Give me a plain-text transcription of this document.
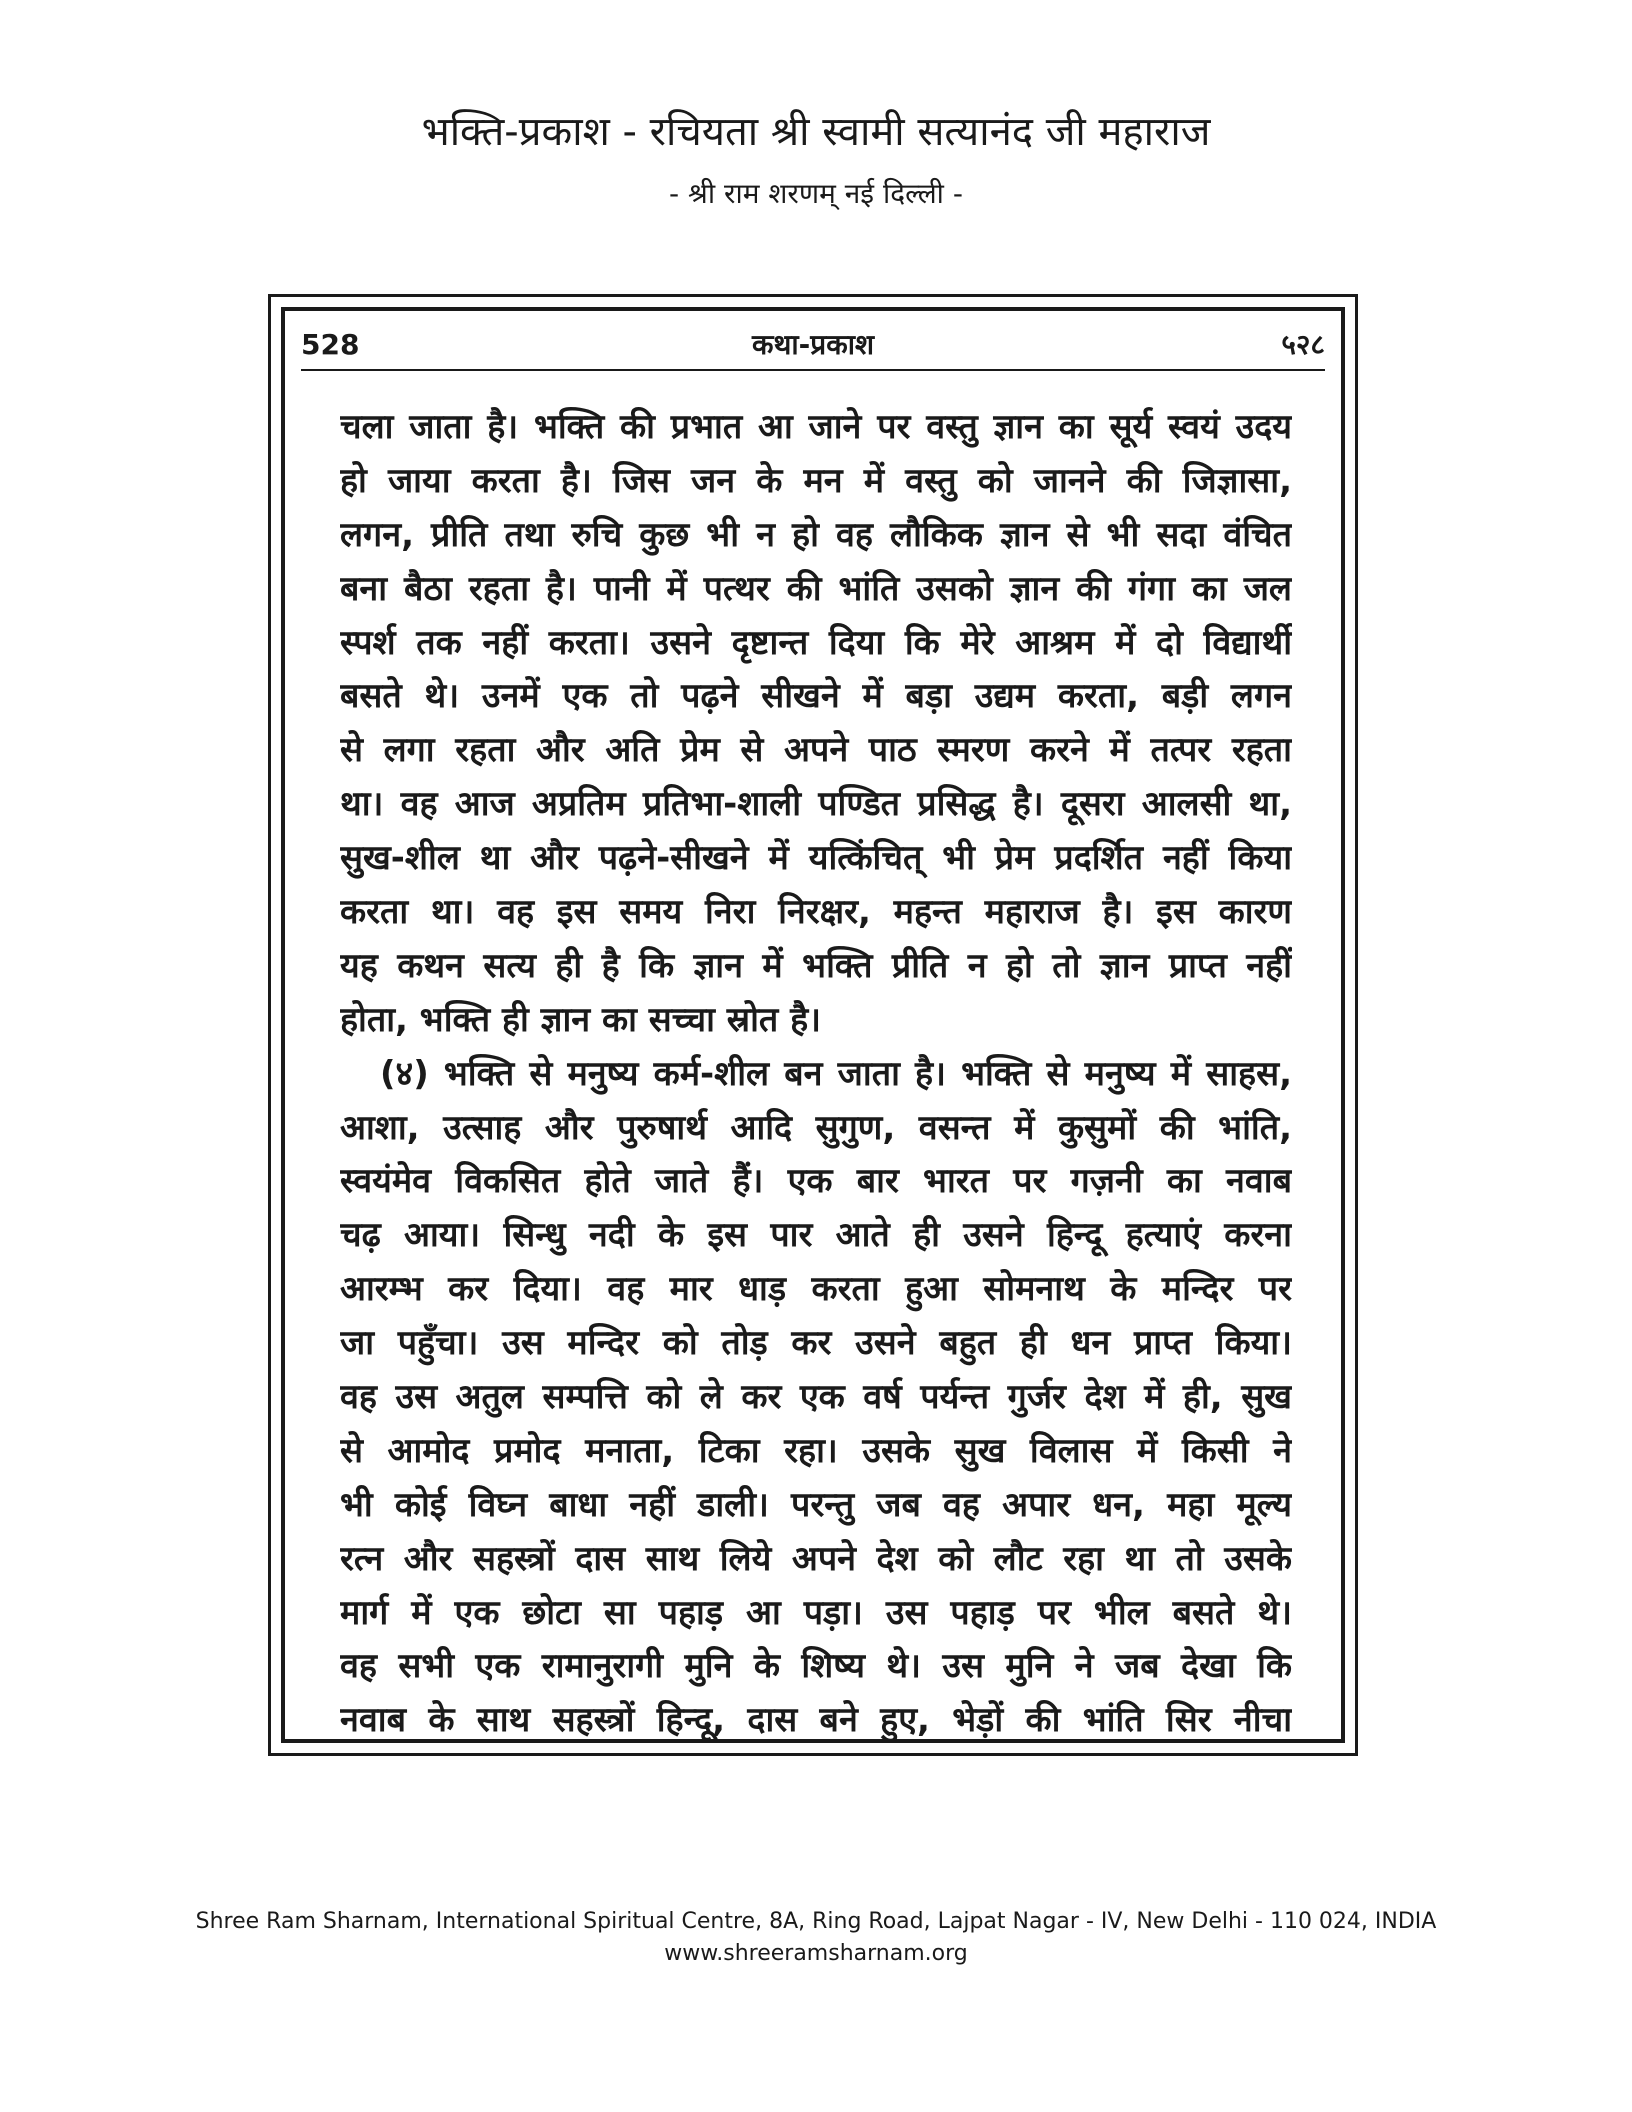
भक्ति-प्रकाश - रचियता श्री स्वामी सत्यानंद जी महाराज
- श्री राम शरणम् नई दिल्ली -
528	कथा-प्रकाश	५२८
चला जाता है। भक्ति की प्रभात आ जाने पर वस्तु ज्ञान का सूर्य स्वयं उदय
हो जाया करता है। जिस जन के मन में वस्तु को जानने की जिज्ञासा,
लगन, प्रीति तथा रुचि कुछ भी न हो वह लौकिक ज्ञान से भी सदा वंचित
बना बैठा रहता है। पानी में पत्थर की भांति उसको ज्ञान की गंगा का जल
स्पर्श तक नहीं करता। उसने दृष्टान्त दिया कि मेरे आश्रम में दो विद्यार्थी
बसते थे। उनमें एक तो पढ़ने सीखने में बड़ा उद्यम करता, बड़ी लगन
से लगा रहता और अति प्रेम से अपने पाठ स्मरण करने में तत्पर रहता
था। वह आज अप्रतिम प्रतिभा-शाली पण्डित प्रसिद्ध है। दूसरा आलसी था,
सुख-शील था और पढ़ने-सीखने में यत्किंचित् भी प्रेम प्रदर्शित नहीं किया
करता था। वह इस समय निरा निरक्षर, महन्त महाराज है। इस कारण
यह कथन सत्य ही है कि ज्ञान में भक्ति प्रीति न हो तो ज्ञान प्राप्त नहीं
होता, भक्ति ही ज्ञान का सच्चा स्रोत है।
(४) भक्ति से मनुष्य कर्म-शील बन जाता है। भक्ति से मनुष्य में साहस,
आशा, उत्साह और पुरुषार्थ आदि सुगुण, वसन्त में कुसुमों की भांति,
स्वयंमेव विकसित होते जाते हैं। एक बार भारत पर गज़नी का नवाब
चढ़ आया। सिन्धु नदी के इस पार आते ही उसने हिन्दू हत्याएं करना
आरम्भ कर दिया। वह मार धाड़ करता हुआ सोमनाथ के मन्दिर पर
जा पहुँचा। उस मन्दिर को तोड़ कर उसने बहुत ही धन प्राप्त किया।
वह उस अतुल सम्पत्ति को ले कर एक वर्ष पर्यन्त गुर्जर देश में ही, सुख
से आमोद प्रमोद मनाता, टिका रहा। उसके सुख विलास में किसी ने
भी कोई विघ्न बाधा नहीं डाली। परन्तु जब वह अपार धन, महा मूल्य
रत्न और सहस्त्रों दास साथ लिये अपने देश को लौट रहा था तो उसके
मार्ग में एक छोटा सा पहाड़ आ पड़ा। उस पहाड़ पर भील बसते थे।
वह सभी एक रामानुरागी मुनि के शिष्य थे। उस मुनि ने जब देखा कि
नवाब के साथ सहस्त्रों हिन्दू, दास बने हुए, भेड़ों की भांति सिर नीचा
Shree Ram Sharnam, International Spiritual Centre, 8A, Ring Road, Lajpat Nagar - IV, New Delhi - 110 024, INDIA
www.shreeramsharnam.org
